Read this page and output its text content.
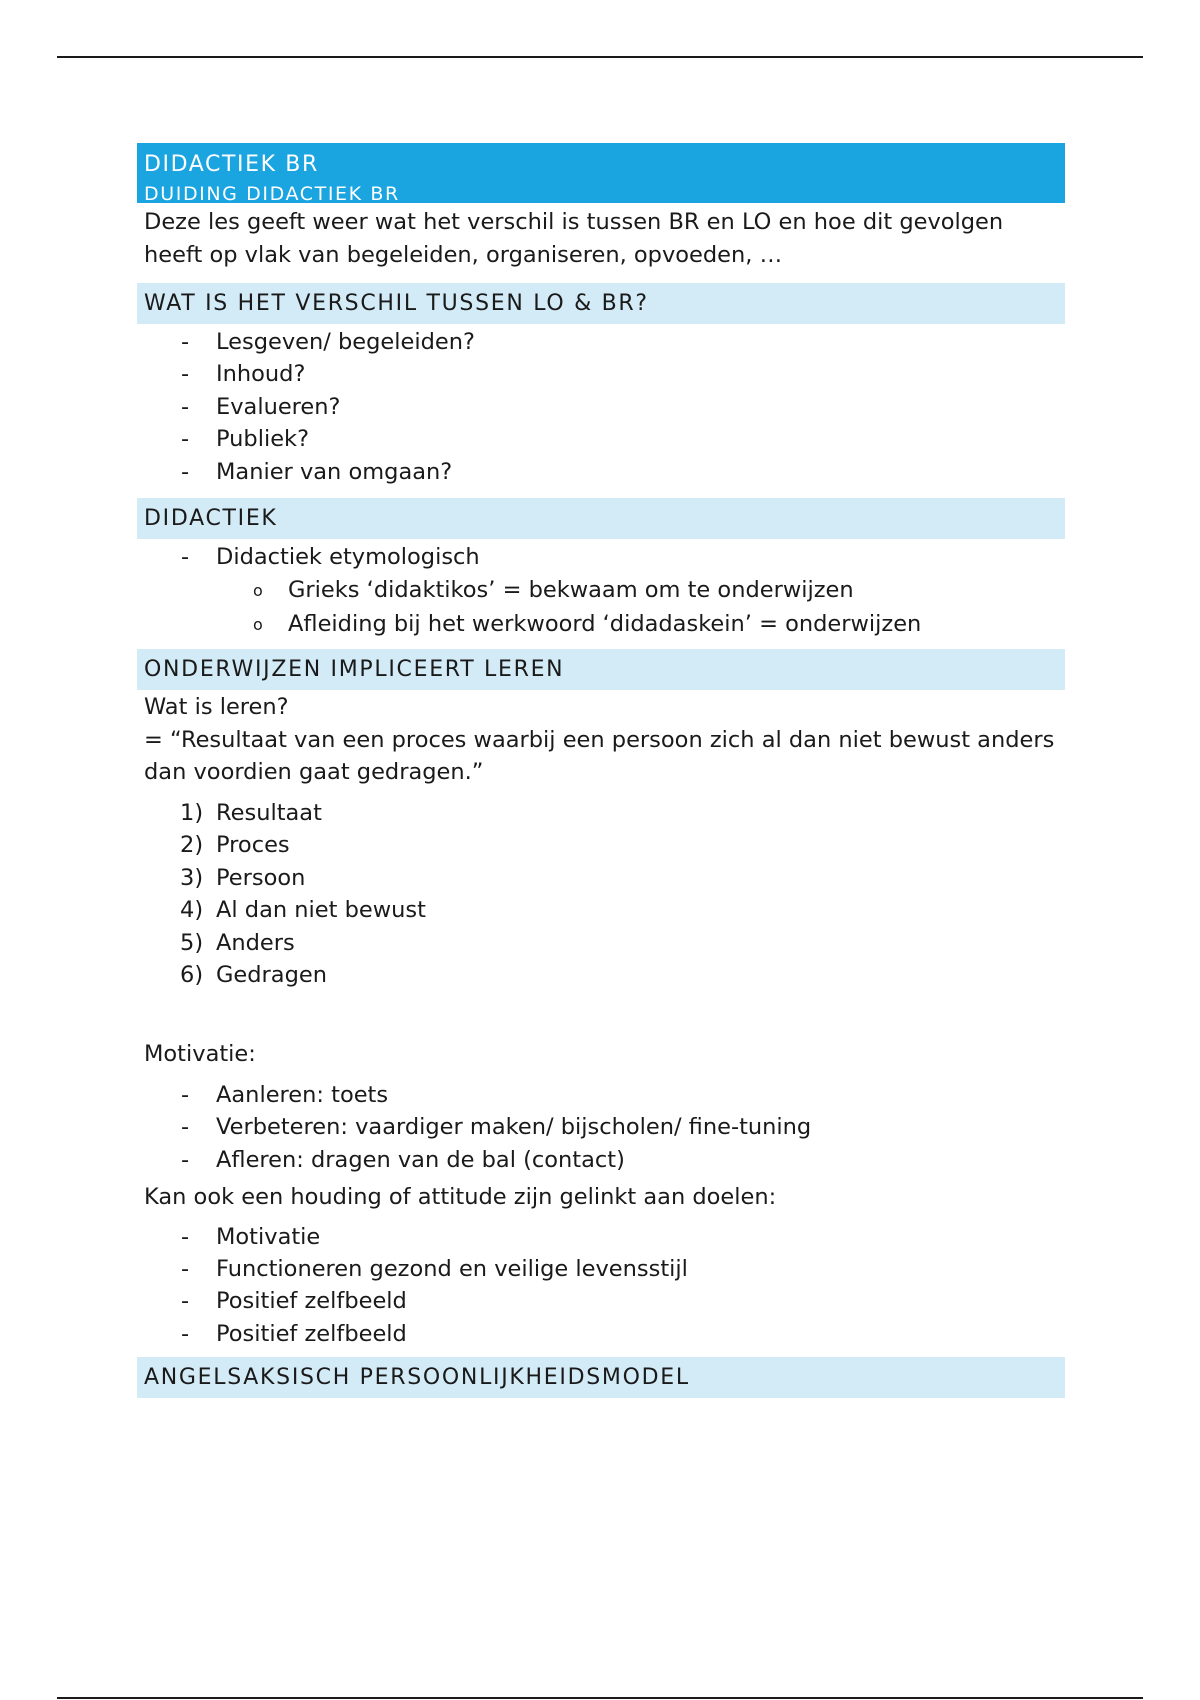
DIDACTIEK BR
DUIDING DIDACTIEK BR
Deze les geeft weer wat het verschil is tussen BR en LO en hoe dit gevolgen heeft op vlak van begeleiden, organiseren, opvoeden, …
WAT IS HET VERSCHIL TUSSEN LO & BR?
- Lesgeven/ begeleiden?
- Inhoud?
- Evalueren?
- Publiek?
- Manier van omgaan?
DIDACTIEK
- Didactiek etymologisch
o Grieks ‘didaktikos’ = bekwaam om te onderwijzen
o Afleiding bij het werkwoord ‘didadaskein’ = onderwijzen
ONDERWIJZEN IMPLICEERT LEREN
Wat is leren?
= “Resultaat van een proces waarbij een persoon zich al dan niet bewust anders dan voordien gaat gedragen.”
1) Resultaat
2) Proces
3) Persoon
4) Al dan niet bewust
5) Anders
6) Gedragen
Motivatie:
- Aanleren: toets
- Verbeteren: vaardiger maken/ bijscholen/ fine-tuning
- Afleren: dragen van de bal (contact)
Kan ook een houding of attitude zijn gelinkt aan doelen:
- Motivatie
- Functioneren gezond en veilige levensstijl
- Positief zelfbeeld
- Positief zelfbeeld
ANGELSAKSISCH PERSOONLIJKHEIDSMODEL
